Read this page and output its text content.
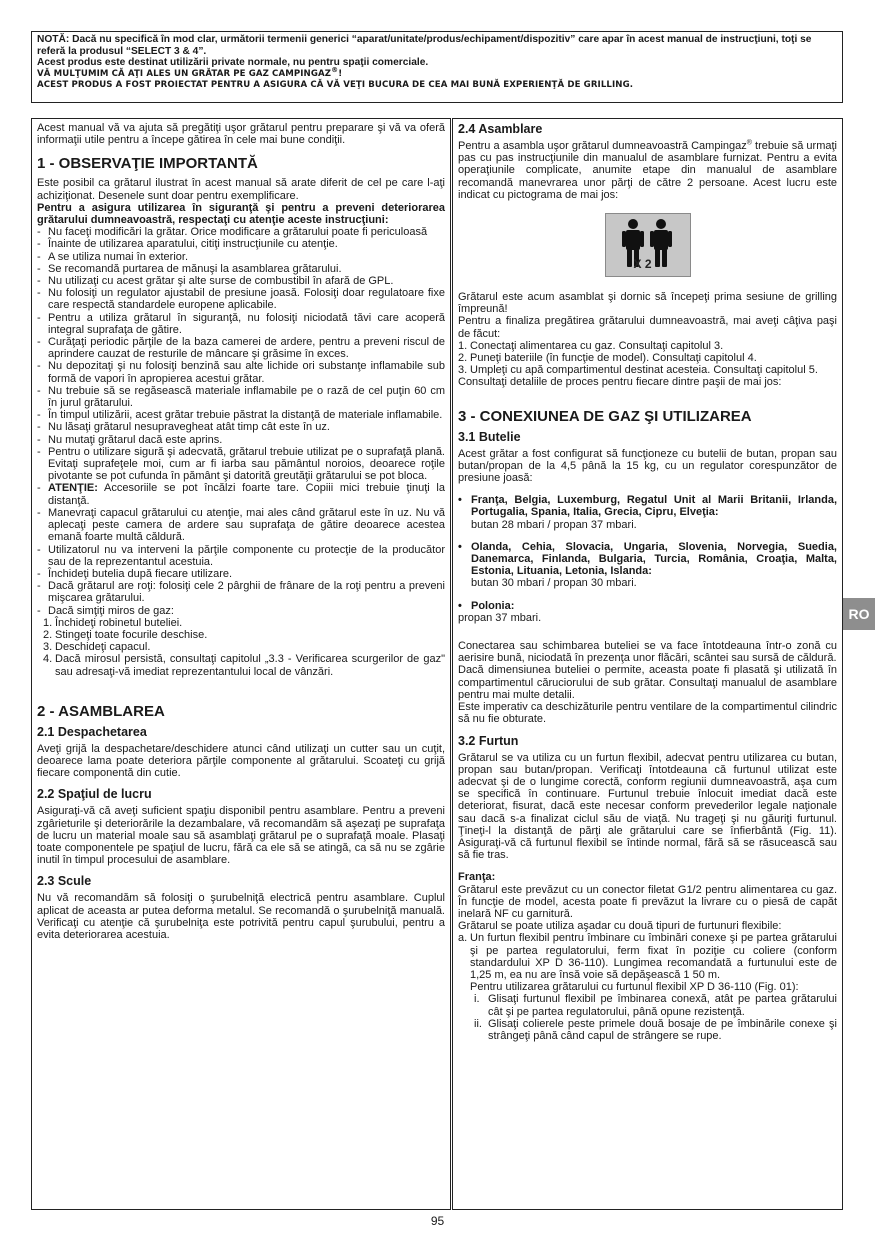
NOTĂ: Dacă nu specifică în mod clar, următorii termenii generici “aparat/unitate/produs/echipament/dispozitiv” care apar în acest manual de instrucţiuni, toţi se referă la produsul “SELECT 3 & 4”.
Acest produs este destinat utilizării private normale, nu pentru spaţii comerciale.
VĂ MULŢUMIM CĂ AŢI ALES UN GRĂTAR PE GAZ CAMPINGAZ®!
ACEST PRODUS A FOST PROIECTAT PENTRU A ASIGURA CĂ VĂ VEŢI BUCURA DE CEA MAI BUNĂ EXPERIENŢĂ DE GRILLING.

Acest manual vă va ajuta să pregătiţi uşor grătarul pentru preparare şi vă va oferă informaţii utile pentru a începe gătirea în cele mai bune condiţii.

1 - OBSERVAŢIE IMPORTANTĂ

Este posibil ca grătarul ilustrat în acest manual să arate diferit de cel pe care l-aţi achiziţionat. Desenele sunt doar pentru exemplificare.

Pentru a asigura utilizarea în siguranţă şi pentru a preveni deteriorarea grătarului dumneavoastră, respectaţi cu atenţie aceste instrucţiuni:

- Nu faceţi modificări la grătar. Orice modificare a grătarului poate fi periculoasă
- Înainte de utilizarea aparatului, citiţi instrucţiunile cu atenţie.
- A se utiliza numai în exterior.
- Se recomandă purtarea de mănuşi la asamblarea grătarului.
- Nu utilizaţi cu acest grătar şi alte surse de combustibil în afară de GPL.
- Nu folosiţi un regulator ajustabil de presiune joasă. Folosiţi doar regulatoare fixe care respectă standardele europene aplicabile.
- Pentru a utiliza grătarul în siguranţă, nu folosiţi niciodată tăvi care acoperă integral suprafaţa de gătire.
- Curăţaţi periodic părţile de la baza camerei de ardere, pentru a preveni riscul de aprindere cauzat de resturile de mâncare şi grăsime în exces.
- Nu depozitaţi şi nu folosiţi benzină sau alte lichide ori substanţe inflamabile sub formă de vapori în apropierea acestui grătar.
- Nu trebuie să se regăsească materiale inflamabile pe o rază de cel puţin 60 cm în jurul grătarului.
- În timpul utilizării, acest grătar trebuie păstrat la distanţă de materiale inflamabile.
- Nu lăsaţi grătarul nesupravegheat atât timp cât este în uz.
- Nu mutaţi grătarul dacă este aprins.
- Pentru o utilizare sigură şi adecvată, grătarul trebuie utilizat pe o suprafaţă plană. Evitaţi suprafeţele moi, cum ar fi iarba sau pământul noroios, deoarece roţile pivotante se pot cufunda în pământ şi datorită greutăţii grătarului se pot bloca.
- ATENŢIE: Accesoriile se pot încălzi foarte tare. Copiii mici trebuie ţinuţi la distanţă.
- Manevraţi capacul grătarului cu atenţie, mai ales când grătarul este în uz. Nu vă aplecaţi peste camera de ardere sau suprafaţa de gătire deoarece acestea emană foarte multă căldură.
- Utilizatorul nu va interveni la părţile componente cu protecţie de la producător sau de la reprezentantul acestuia.
- Închideţi butelia după fiecare utilizare.
- Dacă grătarul are roţi: folosiţi cele 2 pârghii de frânare de la roţi pentru a preveni mişcarea grătarului.
- Dacă simţiţi miros de gaz:
1. Închideţi robinetul buteliei.
2. Stingeţi toate focurile deschise.
3. Deschideţi capacul.
4. Dacă mirosul persistă, consultaţi capitolul „3.3 - Verificarea scurgerilor de gaz" sau adresaţi-vă imediat reprezentantului local de vânzări.
2 - ASAMBLAREA
2.1 Despachetarea

Aveţi grijă la despachetare/deschidere atunci când utilizaţi un cutter sau un cuţit, deoarece lama poate deteriora părţile componente al grătarului. Scoateţi cu grijă fiecare componentă din cutie.

2.2 Spaţiul de lucru

Asiguraţi-vă că aveţi suficient spaţiu disponibil pentru asamblare. Pentru a preveni zgârieturile şi deteriorările la dezambalare, vă recomandăm să aşezaţi pe suprafaţa de lucru un material moale sau să asamblaţi grătarul pe o suprafaţă moale. Plasaţi toate componentele pe spaţiul de lucru, fără ca ele să se atingă, ca să nu se zgârie inutil în timpul procesului de asamblare.

2.3 Scule

Nu vă recomandăm să folosiţi o şurubelniţă electrică pentru asamblare. Cuplul aplicat de aceasta ar putea deforma metalul. Se recomandă o şurubelniţă manuală. Verificaţi cu atenţie că şurubelniţa este potrivită pentru capul şurubului, pentru a evita deteriorarea acestuia.

2.4 Asamblare

Pentru a asambla uşor grătarul dumneavoastră Campingaz® trebuie să urmaţi pas cu pas instrucţiunile din manualul de asamblare furnizat. Pentru a evita operaţiunile complicate, anumite etape din manualul de asamblare recomandă manevrarea unor părţi de către 2 persoane. Acest lucru este indicat cu pictograma de mai jos:

X 2

Grătarul este acum asamblat şi dornic să începeţi prima sesiune de grilling împreună!

Pentru a finaliza pregătirea grătarului dumneavoastră, mai aveţi câţiva paşi de făcut:

1. Conectaţi alimentarea cu gaz. Consultaţi capitolul 3.
2. Puneţi bateriile (în funcţie de model). Consultaţi capitolul 4.
3. Umpleţi cu apă compartimentul destinat acesteia. Consultaţi capitolul 5.

Consultaţi detaliile de proces pentru fiecare dintre paşii de mai jos:

3 - CONEXIUNEA DE GAZ ŞI UTILIZAREA
3.1 Butelie

Acest grătar a fost configurat să funcţioneze cu butelii de butan, propan sau butan/propan de la 4,5 până la 15 kg, cu un regulator corespunzător de presiune joasă:

• Franţa, Belgia, Luxemburg, Regatul Unit al Marii Britanii, Irlanda, Portugalia, Spania, Italia, Grecia, Cipru, Elveţia:
butan 28 mbari / propan 37 mbari.
• Olanda, Cehia, Slovacia, Ungaria, Slovenia, Norvegia, Suedia, Danemarca, Finlanda, Bulgaria, Turcia, România, Croaţia, Malta, Estonia, Lituania, Letonia, Islanda:
butan 30 mbari / propan 30 mbari.
• Polonia:
propan 37 mbari.

Conectarea sau schimbarea buteliei se va face întotdeauna într-o zonă cu aerisire bună, niciodată în prezenţa unor flăcări, scântei sau sursă de căldură.

Dacă dimensiunea buteliei o permite, aceasta poate fi plasată şi utilizată în compartimentul căruciorului de sub grătar. Consultaţi manualul de asamblare pentru mai multe detalii.

Este imperativ ca deschizăturile pentru ventilare de la compartimentul cilindric să nu fie obturate.

3.2 Furtun

Grătarul se va utiliza cu un furtun flexibil, adecvat pentru utilizarea cu butan, propan sau butan/propan. Verificaţi întotdeauna că furtunul utilizat este adecvat şi de o lungime corectă, conform regiunii dumneavoastră, aşa cum se specifică în continuare. Furtunul trebuie înlocuit imediat dacă este deteriorat, fisurat, dacă este necesar conform prevederilor legale naţionale sau dacă s-a finalizat ciclul său de viaţă. Nu trageţi şi nu găuriţi furtunul. Ţineţi-l la distanţă de părţi ale grătarului care se înfierbântă (Fig. 11). Asiguraţi-vă că furtunul flexibil se întinde normal, fără să se răsucească sau să fie tras.

Franţa:

Grătarul este prevăzut cu un conector filetat G1/2 pentru alimentarea cu gaz. În funcţie de model, acesta poate fi prevăzut la livrare cu o piesă de capăt inelară NF cu garnitură.

Grătarul se poate utiliza aşadar cu două tipuri de furtunuri flexibile:

a. Un furtun flexibil pentru îmbinare cu îmbinări conexe şi pe partea grătarului şi pe partea regulatorului, ferm fixat în poziţie cu coliere (conform standardului XP D 36-110). Lungimea recomandată a furtunului este de 1,25 m, ea nu are însă voie să depăşească 1 50 m.
Pentru utilizarea grătarului cu furtunul flexibil XP D 36-110 (Fig. 01):
i. Glisaţi furtunul flexibil pe îmbinarea conexă, atât pe partea grătarului cât şi pe partea regulatorului, până opune rezistenţă.
ii. Glisaţi colierele peste primele două bosaje de pe îmbinările conexe şi strângeţi până când capul de strângere se rupe.
RO
95
